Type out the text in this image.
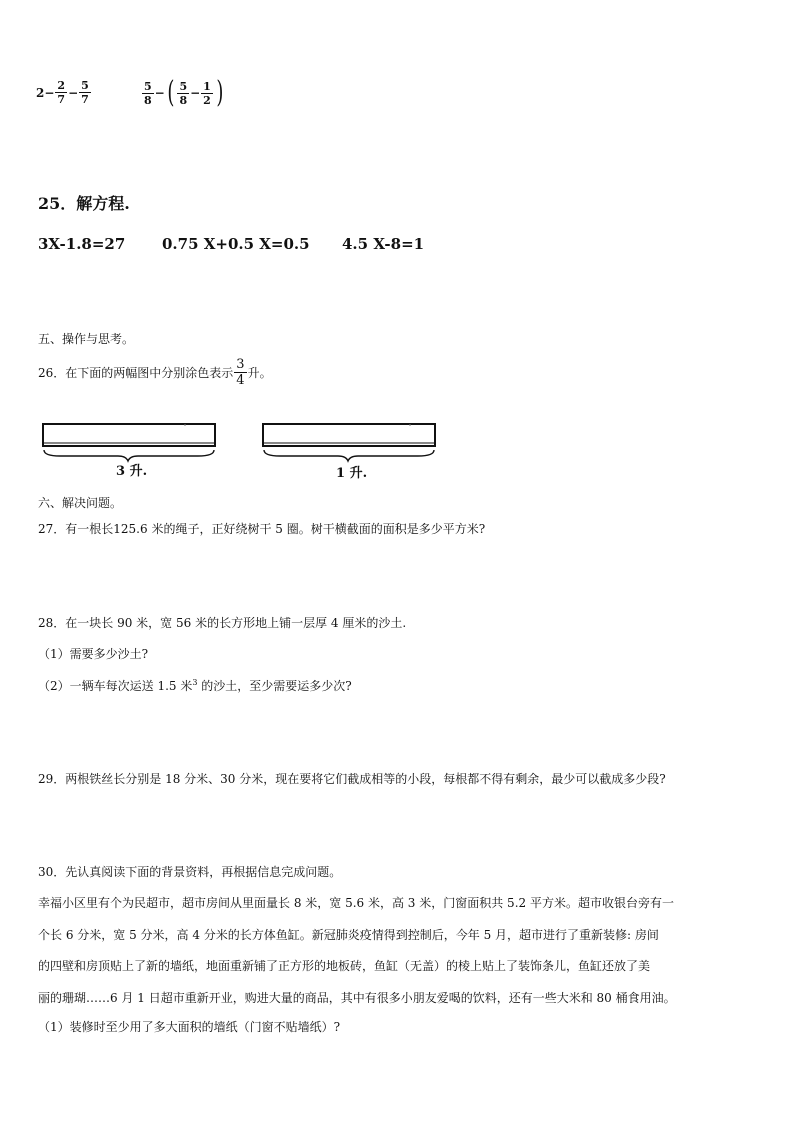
$2- \frac{2}{7} - \frac{5}{7}$	$\frac{5}{8}$ − ( $\frac{5}{8} - \frac{1}{2}$ )
25．解方程.
3X-1.8=27 0.75 X+0.5 X=0.5 4.5 X-8=1
五、操作与思考。
26．在下面的两幅图中分别涂色表示 $\frac{3}{4}$ 升。
3 升.	1 升.
六、解决问题。
27．有一根长125.6 米的绳子，正好绕树干 5 圈。树干横截面的面积是多少平方米?
28．在一块长 90 米，宽 56 米的长方形地上铺一层厚 4 厘米的沙土.
（1）需要多少沙土?
（2）一辆车每次运送 1.5 米$^3$ 的沙土，至少需要运多少次?
29．两根铁丝长分别是 18 分米、30 分米，现在要将它们截成相等的小段，每根都不得有剩余，最少可以截成多少段?
30．先认真阅读下面的背景资料，再根据信息完成问题。
幸福小区里有个为民超市，超市房间从里面量长 8 米，宽 5.6 米，高 3 米，门窗面积共 5.2 平方米。超市收银台旁有一
个长 6 分米，宽 5 分米，高 4 分米的长方体鱼缸。新冠肺炎疫情得到控制后，今年 5 月，超市进行了重新装修: 房间
的四壁和房顶贴上了新的墙纸，地面重新铺了正方形的地板砖，鱼缸（无盖）的棱上贴上了装饰条儿，鱼缸还放了美
丽的珊瑚……6 月 1 日超市重新开业，购进大量的商品，其中有很多小朋友爱喝的饮料，还有一些大米和 80 桶食用油。
（1）装修时至少用了多大面积的墙纸（门窗不贴墙纸）?
